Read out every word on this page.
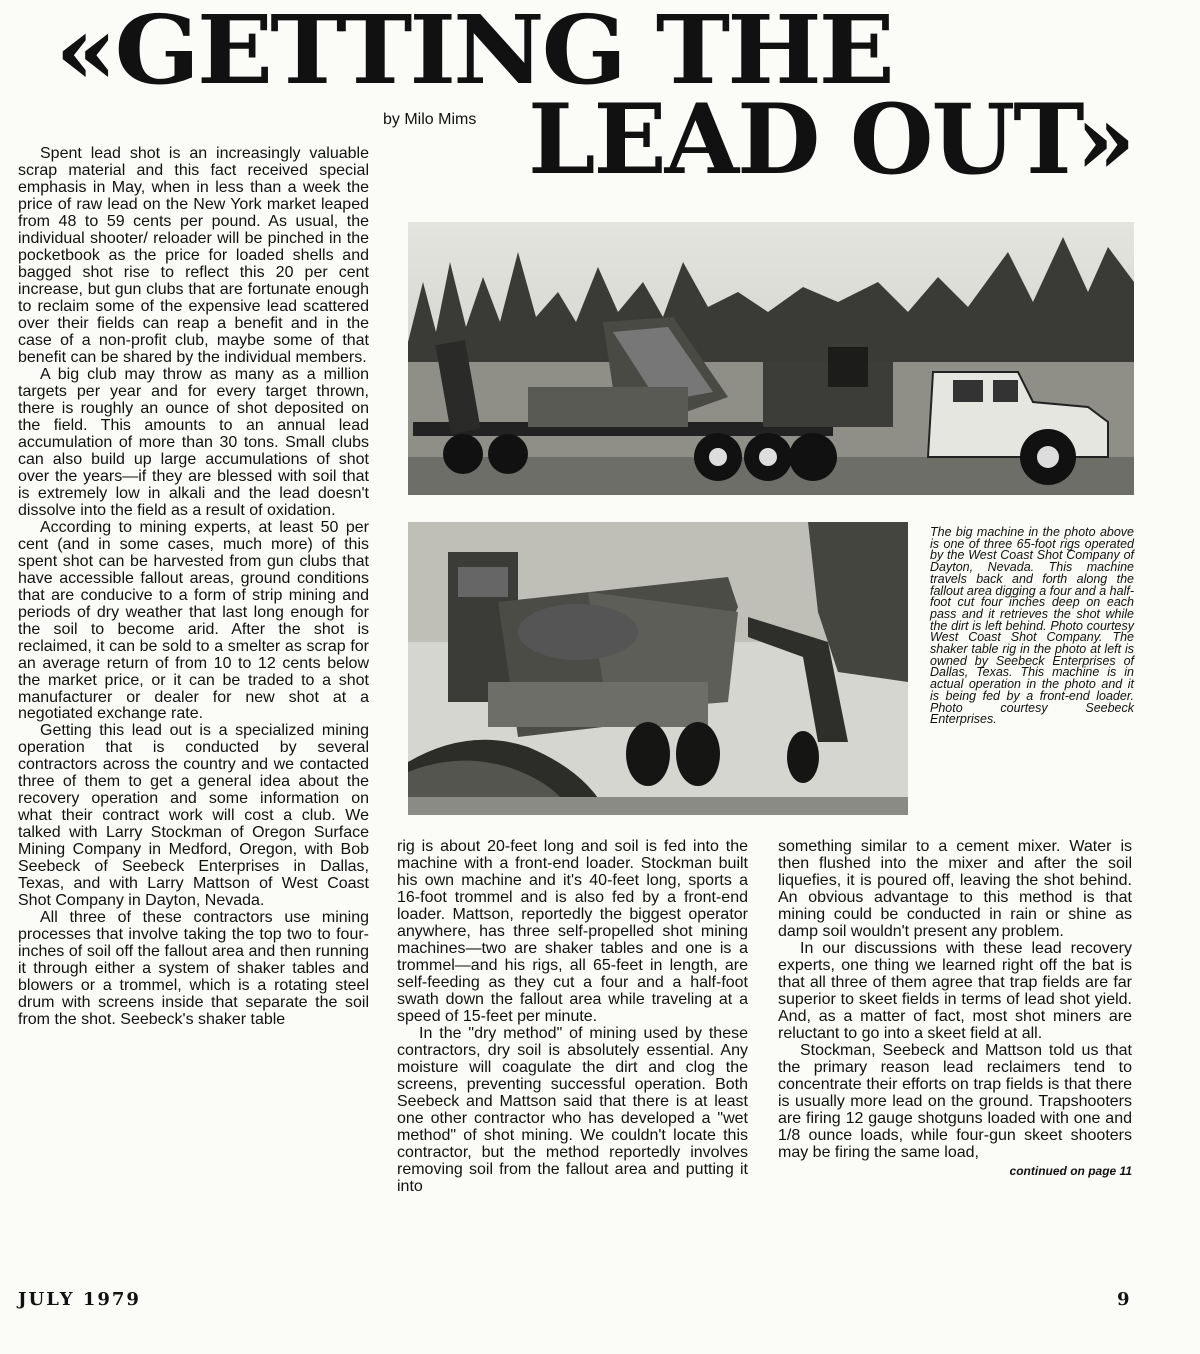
«GETTING THE
LEAD OUT»
by Milo Mims

Spent lead shot is an increasingly valuable scrap material and this fact received special emphasis in May, when in less than a week the price of raw lead on the New York market leaped from 48 to 59 cents per pound. As usual, the individual shooter/ reloader will be pinched in the pocketbook as the price for loaded shells and bagged shot rise to reflect this 20 per cent increase, but gun clubs that are fortunate enough to reclaim some of the expensive lead scattered over their fields can reap a benefit and in the case of a non-profit club, maybe some of that benefit can be shared by the individual members.

A big club may throw as many as a million targets per year and for every target thrown, there is roughly an ounce of shot deposited on the field. This amounts to an annual lead accumulation of more than 30 tons. Small clubs can also build up large accumulations of shot over the years—if they are blessed with soil that is extremely low in alkali and the lead doesn't dissolve into the field as a result of oxidation.

According to mining experts, at least 50 per cent (and in some cases, much more) of this spent shot can be harvested from gun clubs that have accessible fallout areas, ground conditions that are conducive to a form of strip mining and periods of dry weather that last long enough for the soil to become arid. After the shot is reclaimed, it can be sold to a smelter as scrap for an average return of from 10 to 12 cents below the market price, or it can be traded to a shot manufacturer or dealer for new shot at a negotiated exchange rate.

Getting this lead out is a specialized mining operation that is conducted by several contractors across the country and we contacted three of them to get a general idea about the recovery operation and some information on what their contract work will cost a club. We talked with Larry Stockman of Oregon Surface Mining Company in Medford, Oregon, with Bob Seebeck of Seebeck Enterprises in Dallas, Texas, and with Larry Mattson of West Coast Shot Company in Dayton, Nevada.

All three of these contractors use mining processes that involve taking the top two to four-inches of soil off the fallout area and then running it through either a system of shaker tables and blowers or a trommel, which is a rotating steel drum with screens inside that separate the soil from the shot. Seebeck's shaker table

The big machine in the photo above is one of three 65-foot rigs operated by the West Coast Shot Company of Dayton, Nevada. This machine travels back and forth along the fallout area digging a four and a half-foot cut four inches deep on each pass and it retrieves the shot while the dirt is left behind. Photo courtesy West Coast Shot Company. The shaker table rig in the photo at left is owned by Seebeck Enterprises of Dallas, Texas. This machine is in actual operation in the photo and it is being fed by a front-end loader. Photo courtesy Seebeck Enterprises.

rig is about 20-feet long and soil is fed into the machine with a front-end loader. Stockman built his own machine and it's 40-feet long, sports a 16-foot trommel and is also fed by a front-end loader. Mattson, reportedly the biggest operator anywhere, has three self-propelled shot mining machines—two are shaker tables and one is a trommel—and his rigs, all 65-feet in length, are self-feeding as they cut a four and a half-foot swath down the fallout area while traveling at a speed of 15-feet per minute.

In the "dry method" of mining used by these contractors, dry soil is absolutely essential. Any moisture will coagulate the dirt and clog the screens, preventing successful operation. Both Seebeck and Mattson said that there is at least one other contractor who has developed a "wet method" of shot mining. We couldn't locate this contractor, but the method reportedly involves removing soil from the fallout area and putting it into

something similar to a cement mixer. Water is then flushed into the mixer and after the soil liquefies, it is poured off, leaving the shot behind. An obvious advantage to this method is that mining could be conducted in rain or shine as damp soil wouldn't present any problem.

In our discussions with these lead recovery experts, one thing we learned right off the bat is that all three of them agree that trap fields are far superior to skeet fields in terms of lead shot yield. And, as a matter of fact, most shot miners are reluctant to go into a skeet field at all.

Stockman, Seebeck and Mattson told us that the primary reason lead reclaimers tend to concentrate their efforts on trap fields is that there is usually more lead on the ground. Trapshooters are firing 12 gauge shotguns loaded with one and 1/8 ounce loads, while four-gun skeet shooters may be firing the same load,

continued on page 11
JULY 1979	9
